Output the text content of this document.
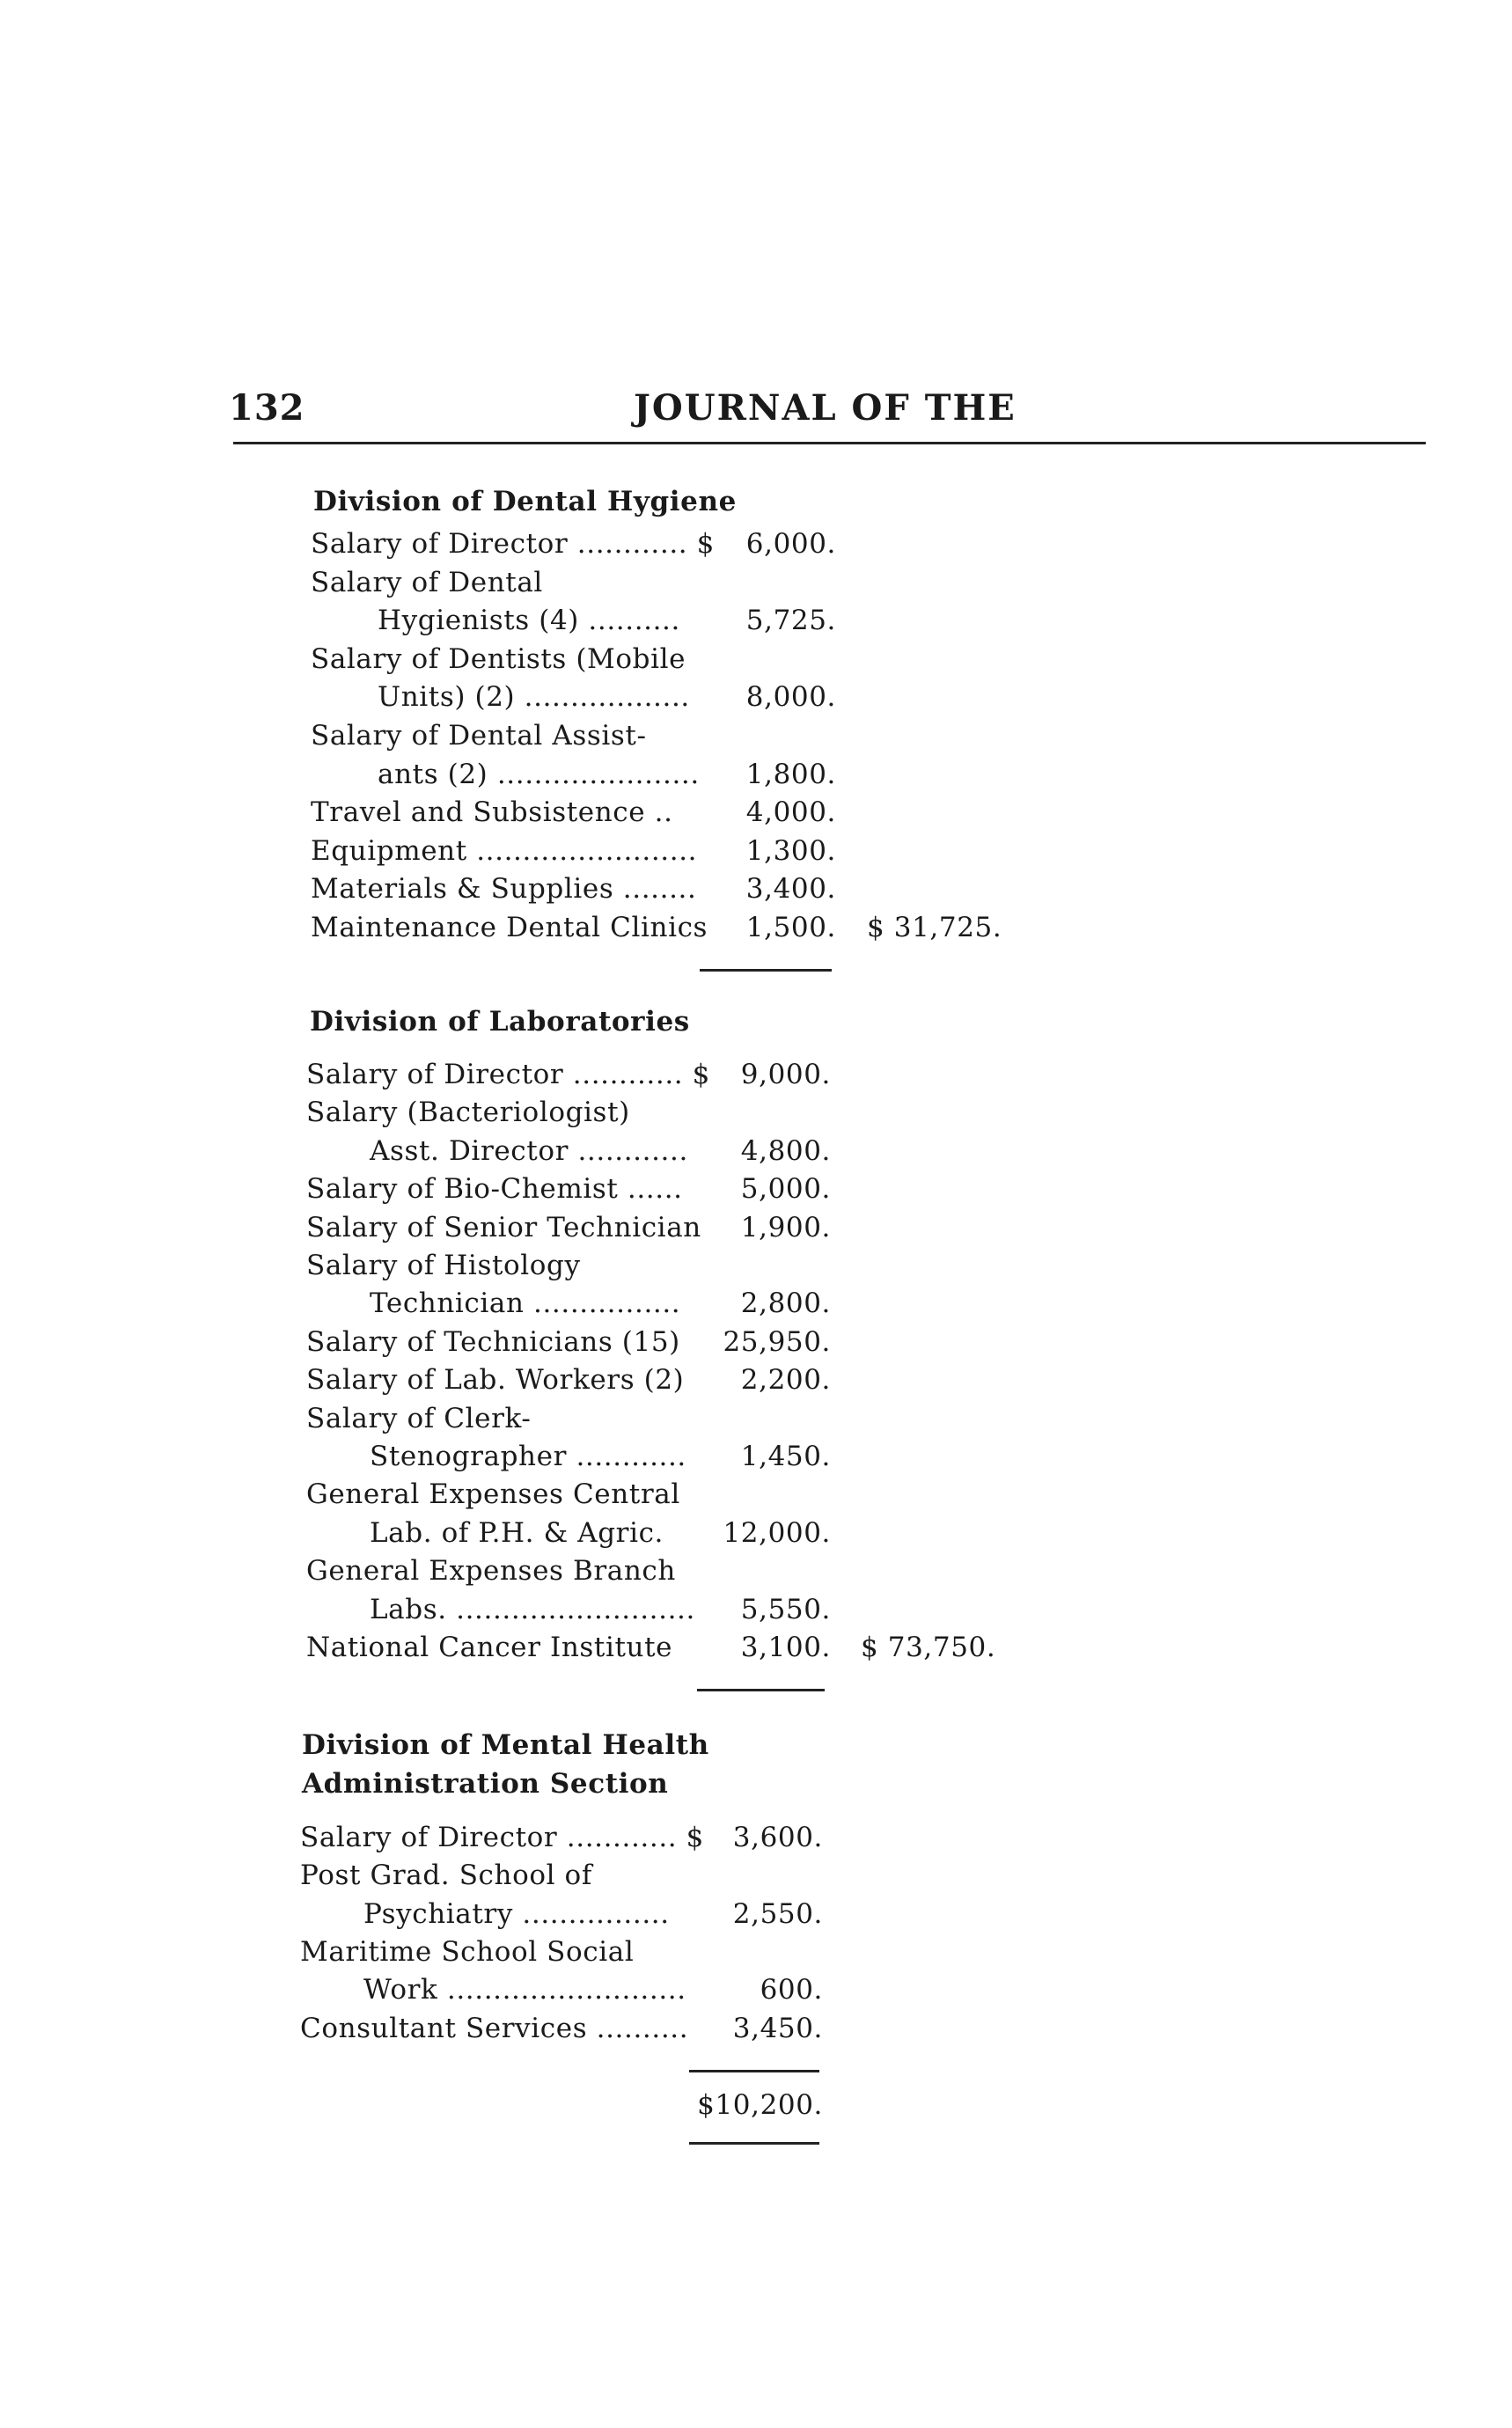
132	JOURNAL OF THE
Division of Dental Hygiene
Salary of Director ............ $ 6,000.
Salary of Dental
Hygienists (4) .......... 5,725.
Salary of Dentists (Mobile
Units) (2) .................. 8,000.
Salary of Dental Assist-
ants (2) ...................... 1,800.
Travel and Subsistence ..	4,000.
Equipment ........................ 1,300.
Materials & Supplies ........ 3,400.
Maintenance Dental Clinics 1,500. $ 31,725.
Division of Laboratories
Salary of Director ............ $ 9,000.
Salary (Bacteriologist)
Asst. Director ............ 4,800.
Salary of Bio-Chemist ...... 5,000.
Salary of Senior Technician 1,900.
Salary of Histology
Technician ................ 2,800.
Salary of Technicians (15) 25,950.
Salary of Lab. Workers (2) 2,200.
Salary of Clerk-
Stenographer ............ 1,450.
General Expenses Central
Lab. of P.H. & Agric. 12,000.
General Expenses Branch
Labs. .......................... 5,550.
National Cancer Institute	3,100. $ 73,750.
Division of Mental Health
Administration Section
Salary of Director ............ $ 3,600.
Post Grad. School of
Psychiatry ................ 2,550.
Maritime School Social
Work ..........................	600.
Consultant Services .......... 3,450.
$10,200.
